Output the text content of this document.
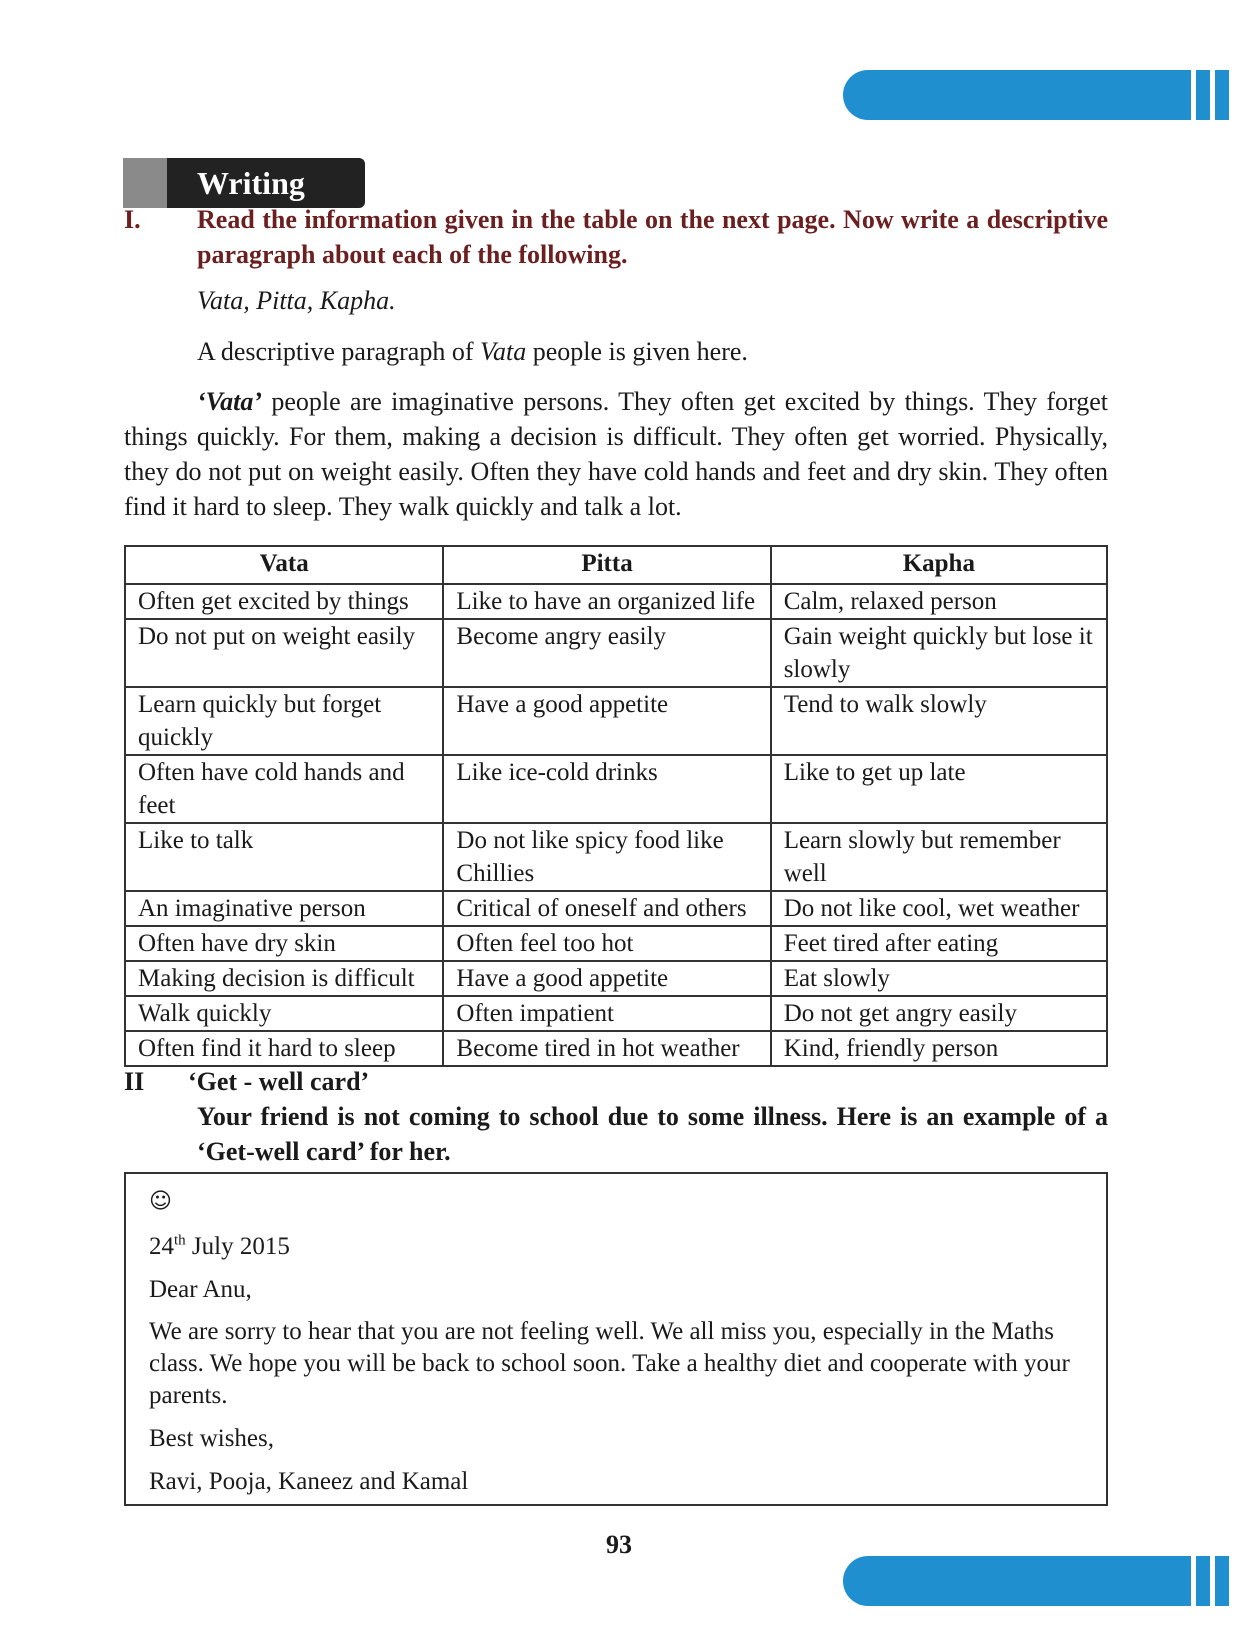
Writing
I. Read the information given in the table on the next page. Now write a descriptive paragraph about each of the following.
Vata, Pitta, Kapha.
A descriptive paragraph of Vata people is given here.
‘Vata’ people are imaginative persons. They often get excited by things. They forget things quickly. For them, making a decision is difficult. They often get worried. Physically, they do not put on weight easily. Often they have cold hands and feet and dry skin. They often find it hard to sleep. They walk quickly and talk a lot.
Vata	Pitta	Kapha
Often get excited by things	Like to have an organized life	Calm, relaxed person
Do not put on weight easily	Become angry easily	Gain weight quickly but lose it slowly
Learn quickly but forget quickly	Have a good appetite	Tend to walk slowly
Often have cold hands and feet	Like ice-cold drinks	Like to get up late
Like to talk	Do not like spicy food like Chillies	Learn slowly but remember well
An imaginative person	Critical of oneself and others	Do not like cool, wet weather
Often have dry skin	Often feel too hot	Feet tired after eating
Making decision is difficult	Have a good appetite	Eat slowly
Walk quickly	Often impatient	Do not get angry easily
Often find it hard to sleep	Become tired in hot weather	Kind, friendly person
II ‘Get - well card’
Your friend is not coming to school due to some illness. Here is an example of a ‘Get-well card’ for her.

☺

24th July 2015

Dear Anu,

We are sorry to hear that you are not feeling well. We all miss you, especially in the Maths class. We hope you will be back to school soon. Take a healthy diet and cooperate with your parents.

Best wishes,

Ravi, Pooja, Kaneez and Kamal

93
